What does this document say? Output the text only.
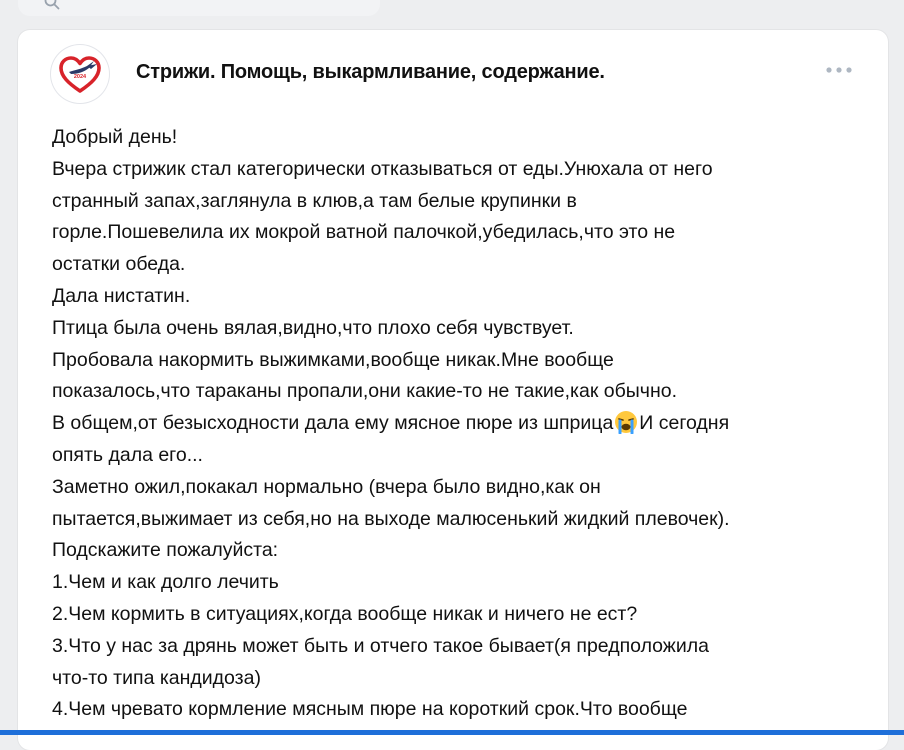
2024 Стрижи. Помощь, выкармливание, содержание.
Добрый день!
Вчера стрижик стал категорически отказываться от еды.Унюхала от него
странный запах,заглянула в клюв,а там белые крупинки в
горле.Пошевелила их мокрой ватной палочкой,убедилась,что это не
остатки обеда.
Дала нистатин.
Птица была очень вялая,видно,что плохо себя чувствует.
Пробовала накормить выжимками,вообще никак.Мне вообще
показалось,что тараканы пропали,они какие-то не такие,как обычно.
В общем,от безысходности дала ему мясное пюре из шприца И сегодня
опять дала его...
Заметно ожил,покакал нормально (вчера было видно,как он
пытается,выжимает из себя,но на выходе малюсенький жидкий плевочек).
Подскажите пожалуйста:
1.Чем и как долго лечить
2.Чем кормить в ситуациях,когда вообще никак и ничего не ест?
3.Что у нас за дрянь может быть и отчего такое бывает(я предположила
что-то типа кандидоза)
4.Чем чревато кормление мясным пюре на короткий срок.Что вообще
